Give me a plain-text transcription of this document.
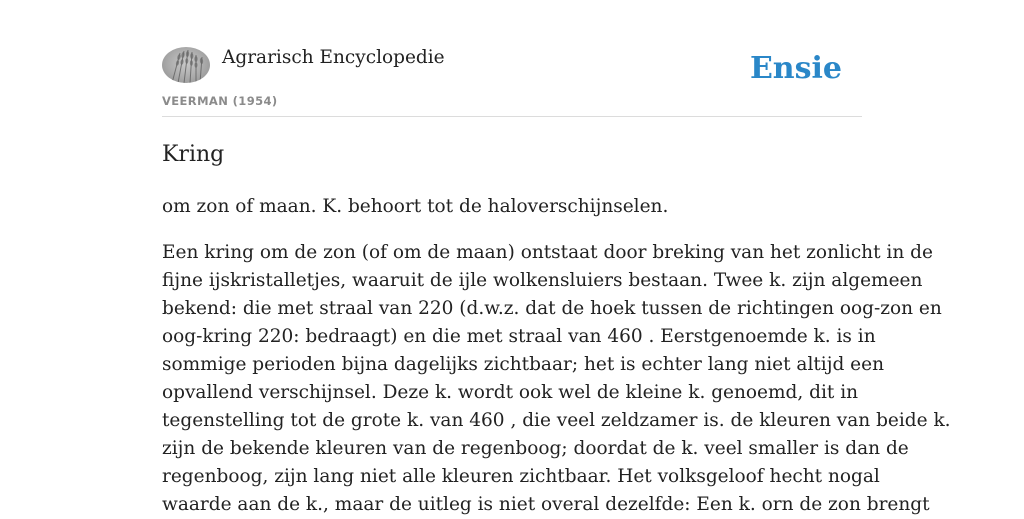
Agrarisch Encyclopedie
VEERMAN (1954)
Ensie
Kring

om zon of maan. K. behoort tot de haloverschijnselen.

Een kring om de zon (of om de maan) ontstaat door breking van het zonlicht in de
fijne ijskristalletjes, waaruit de ijle wolkensluiers bestaan. Twee k. zijn algemeen
bekend: die met straal van 220 (d.w.z. dat de hoek tussen de richtingen oog-zon en
oog-kring 220: bedraagt) en die met straal van 460 . Eerstgenoemde k. is in
sommige perioden bijna dagelijks zichtbaar; het is echter lang niet altijd een
opvallend verschijnsel. Deze k. wordt ook wel de kleine k. genoemd, dit in
tegenstelling tot de grote k. van 460 , die veel zeldzamer is. de kleuren van beide k.
zijn de bekende kleuren van de regenboog; doordat de k. veel smaller is dan de
regenboog, zijn lang niet alle kleuren zichtbaar. Het volksgeloof hecht nogal
waarde aan de k., maar de uitleg is niet overal dezelfde: Een k. orn de zon brengt
